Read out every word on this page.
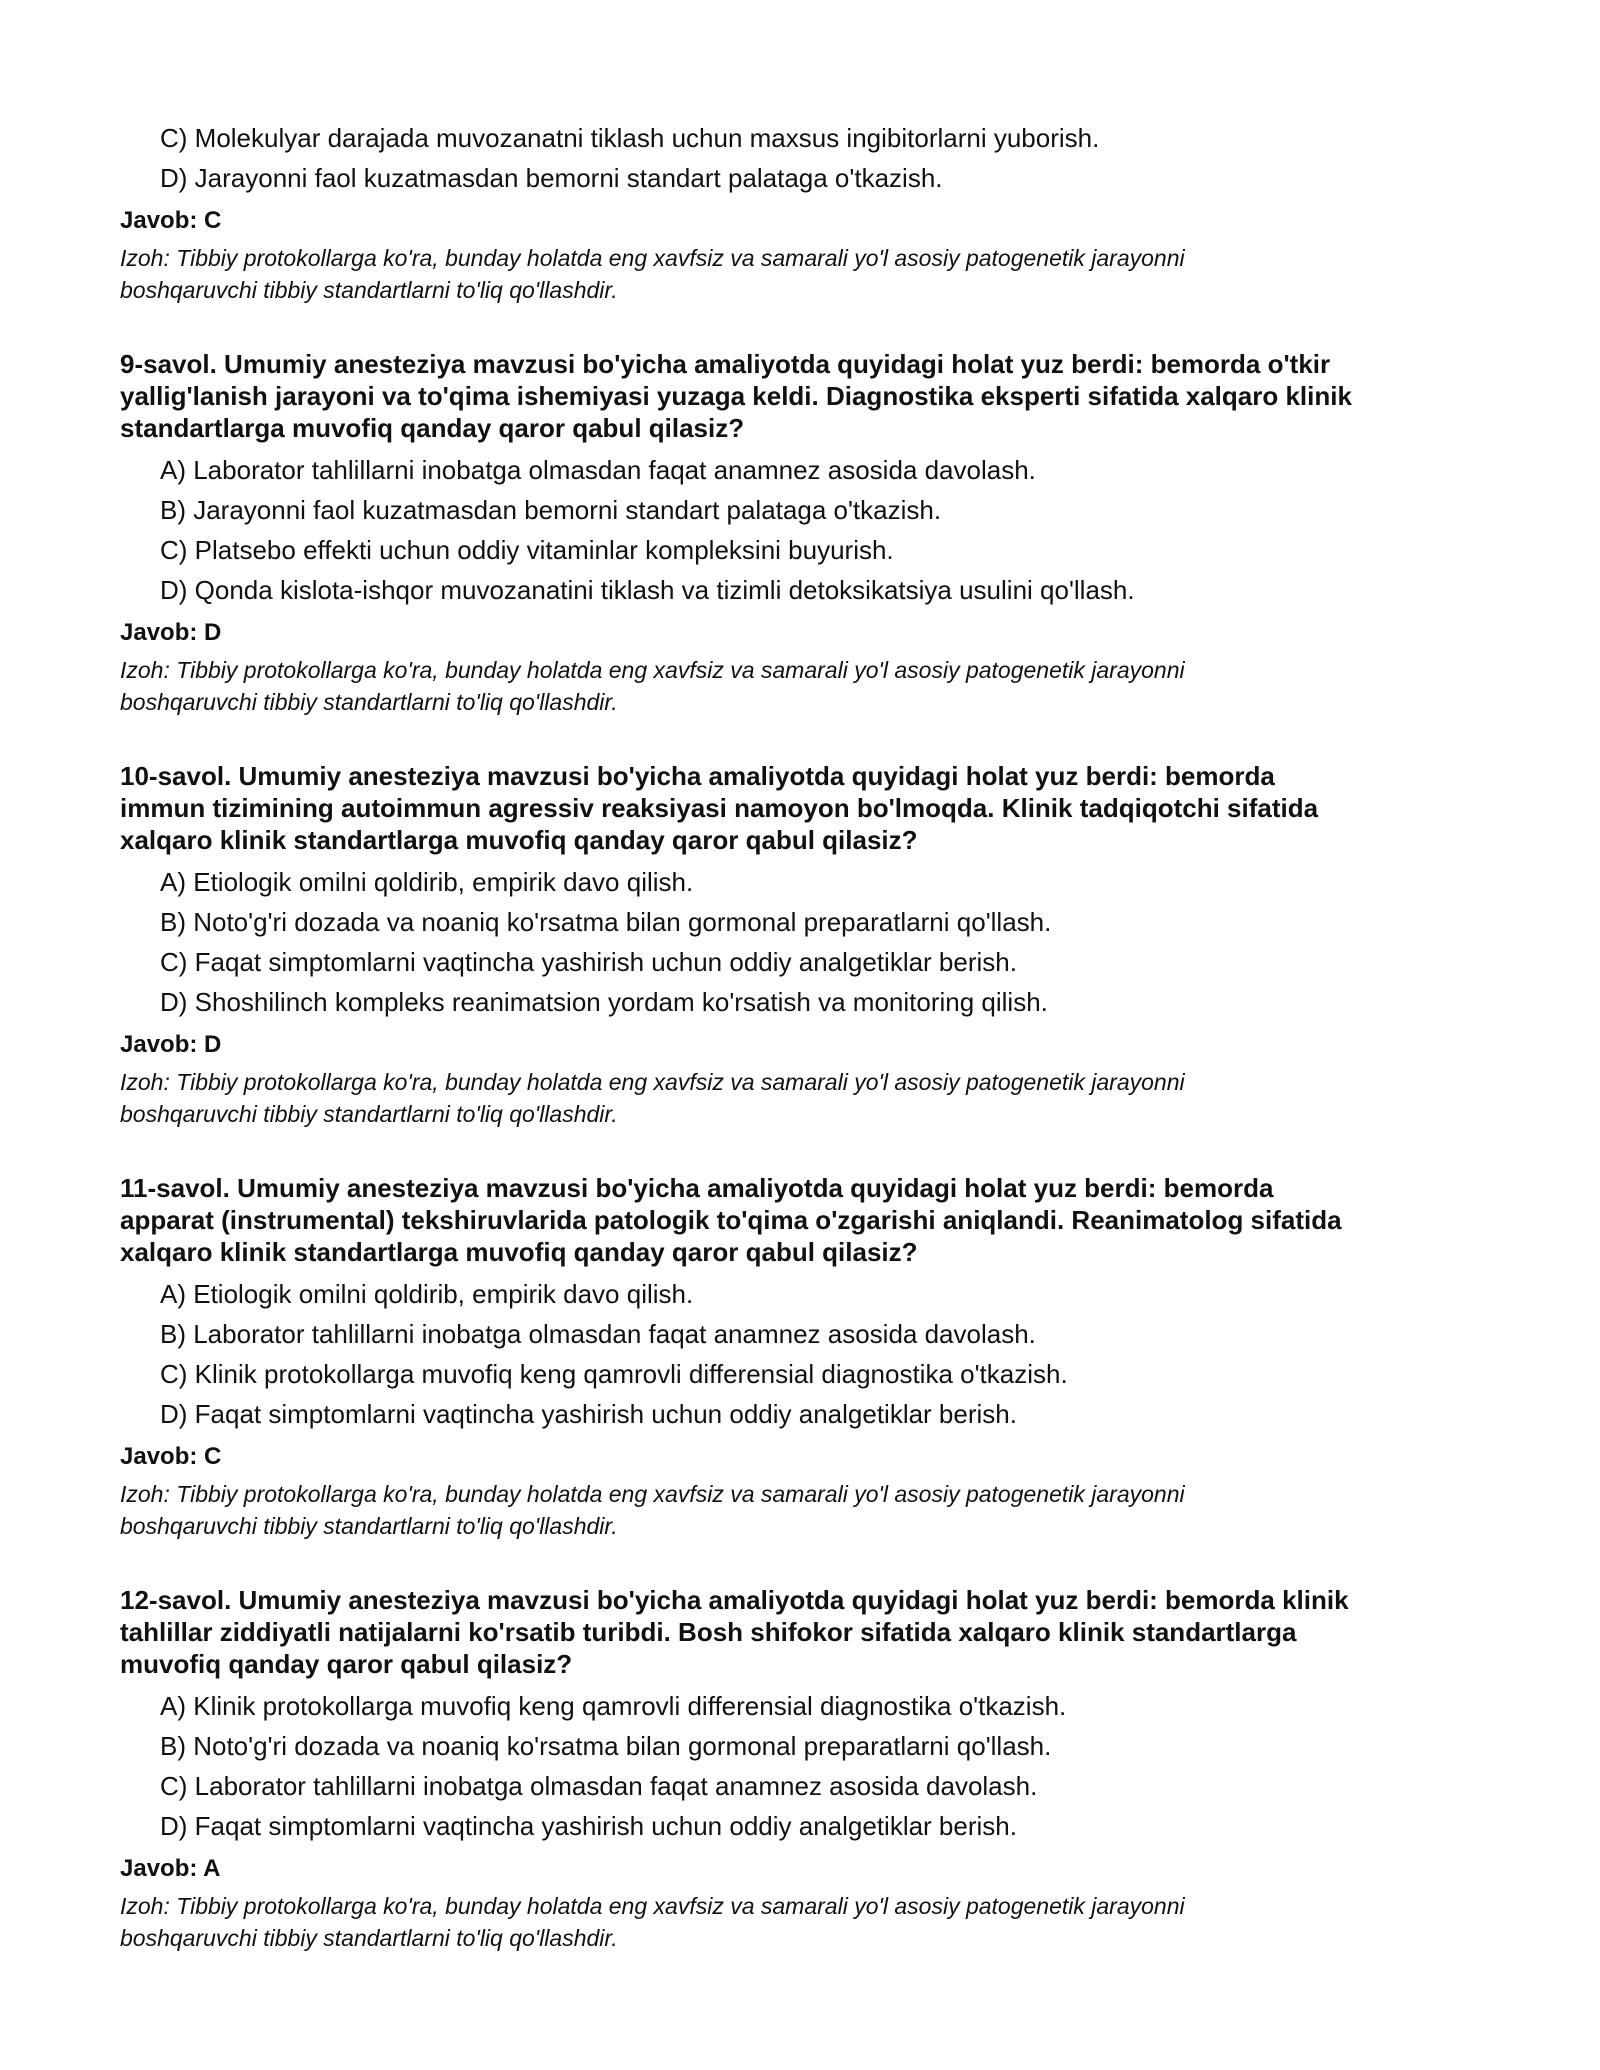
C) Molekulyar darajada muvozanatni tiklash uchun maxsus ingibitorlarni yuborish.
D) Jarayonni faol kuzatmasdan bemorni standart palataga o'tkazish.
Javob: C
Izoh: Tibbiy protokollarga ko'ra, bunday holatda eng xavfsiz va samarali yo'l asosiy patogenetik jarayonni
boshqaruvchi tibbiy standartlarni to'liq qo'llashdir.
9-savol. Umumiy anesteziya mavzusi bo'yicha amaliyotda quyidagi holat yuz berdi: bemorda o'tkir
yallig'lanish jarayoni va to'qima ishemiyasi yuzaga keldi. Diagnostika eksperti sifatida xalqaro klinik
standartlarga muvofiq qanday qaror qabul qilasiz?
A) Laborator tahlillarni inobatga olmasdan faqat anamnez asosida davolash.
B) Jarayonni faol kuzatmasdan bemorni standart palataga o'tkazish.
C) Platsebo effekti uchun oddiy vitaminlar kompleksini buyurish.
D) Qonda kislota-ishqor muvozanatini tiklash va tizimli detoksikatsiya usulini qo'llash.
Javob: D
Izoh: Tibbiy protokollarga ko'ra, bunday holatda eng xavfsiz va samarali yo'l asosiy patogenetik jarayonni
boshqaruvchi tibbiy standartlarni to'liq qo'llashdir.
10-savol. Umumiy anesteziya mavzusi bo'yicha amaliyotda quyidagi holat yuz berdi: bemorda
immun tizimining autoimmun agressiv reaksiyasi namoyon bo'lmoqda. Klinik tadqiqotchi sifatida
xalqaro klinik standartlarga muvofiq qanday qaror qabul qilasiz?
A) Etiologik omilni qoldirib, empirik davo qilish.
B) Noto'g'ri dozada va noaniq ko'rsatma bilan gormonal preparatlarni qo'llash.
C) Faqat simptomlarni vaqtincha yashirish uchun oddiy analgetiklar berish.
D) Shoshilinch kompleks reanimatsion yordam ko'rsatish va monitoring qilish.
Javob: D
Izoh: Tibbiy protokollarga ko'ra, bunday holatda eng xavfsiz va samarali yo'l asosiy patogenetik jarayonni
boshqaruvchi tibbiy standartlarni to'liq qo'llashdir.
11-savol. Umumiy anesteziya mavzusi bo'yicha amaliyotda quyidagi holat yuz berdi: bemorda
apparat (instrumental) tekshiruvlarida patologik to'qima o'zgarishi aniqlandi. Reanimatolog sifatida
xalqaro klinik standartlarga muvofiq qanday qaror qabul qilasiz?
A) Etiologik omilni qoldirib, empirik davo qilish.
B) Laborator tahlillarni inobatga olmasdan faqat anamnez asosida davolash.
C) Klinik protokollarga muvofiq keng qamrovli differensial diagnostika o'tkazish.
D) Faqat simptomlarni vaqtincha yashirish uchun oddiy analgetiklar berish.
Javob: C
Izoh: Tibbiy protokollarga ko'ra, bunday holatda eng xavfsiz va samarali yo'l asosiy patogenetik jarayonni
boshqaruvchi tibbiy standartlarni to'liq qo'llashdir.
12-savol. Umumiy anesteziya mavzusi bo'yicha amaliyotda quyidagi holat yuz berdi: bemorda klinik
tahlillar ziddiyatli natijalarni ko'rsatib turibdi. Bosh shifokor sifatida xalqaro klinik standartlarga
muvofiq qanday qaror qabul qilasiz?
A) Klinik protokollarga muvofiq keng qamrovli differensial diagnostika o'tkazish.
B) Noto'g'ri dozada va noaniq ko'rsatma bilan gormonal preparatlarni qo'llash.
C) Laborator tahlillarni inobatga olmasdan faqat anamnez asosida davolash.
D) Faqat simptomlarni vaqtincha yashirish uchun oddiy analgetiklar berish.
Javob: A
Izoh: Tibbiy protokollarga ko'ra, bunday holatda eng xavfsiz va samarali yo'l asosiy patogenetik jarayonni
boshqaruvchi tibbiy standartlarni to'liq qo'llashdir.
